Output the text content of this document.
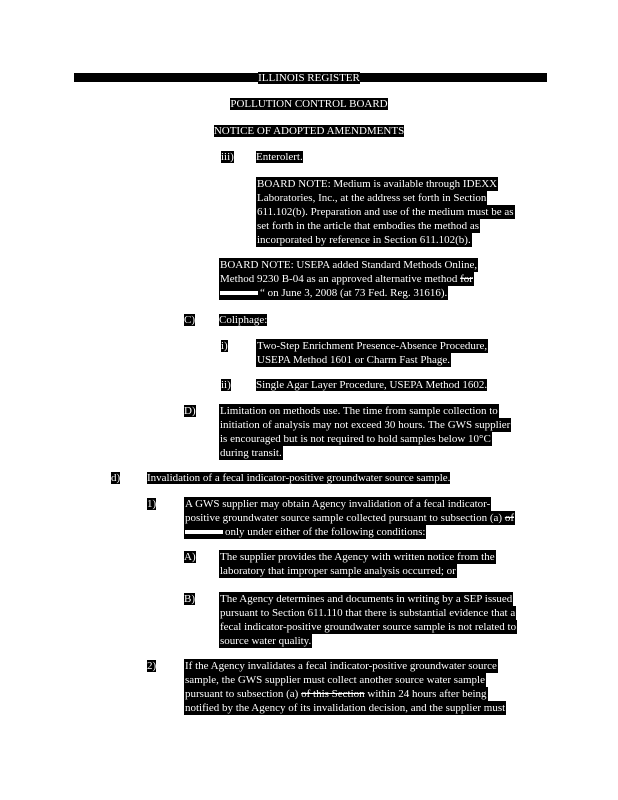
ILLINOIS REGISTER
POLLUTION CONTROL BOARD
NOTICE OF ADOPTED AMENDMENTS
iii) Enterolert.
BOARD NOTE: Medium is available through IDEXX
Laboratories, Inc., at the address set forth in Section
611.102(b). Preparation and use of the medium must be as
set forth in the article that embodies the method as
incorporated by reference in Section 611.102(b).
BOARD NOTE: USEPA added Standard Methods Online,
Method 9230 B-04 as an approved alternative method for
“ on June 3, 2008 (at 73 Fed. Reg. 31616).
C) Coliphage:
i)	Two-Step Enrichment Presence-Absence Procedure,
USEPA Method 1601 or Charm Fast Phage.
ii) Single Agar Layer Procedure, USEPA Method 1602.
D) Limitation on methods use. The time from sample collection to
initiation of analysis may not exceed 30 hours. The GWS supplier
is encouraged but is not required to hold samples below 10°C
during transit.
d) Invalidation of a fecal indicator-positive groundwater source sample.
1)	A GWS supplier may obtain Agency invalidation of a fecal indicator-
positive groundwater source sample collected pursuant to subsection (a) of
only under either of the following conditions:
A) The supplier provides the Agency with written notice from the
laboratory that improper sample analysis occurred; or
B) The Agency determines and documents in writing by a SEP issued
pursuant to Section 611.110 that there is substantial evidence that a
fecal indicator-positive groundwater source sample is not related to
source water quality.
2)	If the Agency invalidates a fecal indicator-positive groundwater source
sample, the GWS supplier must collect another source water sample
pursuant to subsection (a) of this Section within 24 hours after being
notified by the Agency of its invalidation decision, and the supplier must
